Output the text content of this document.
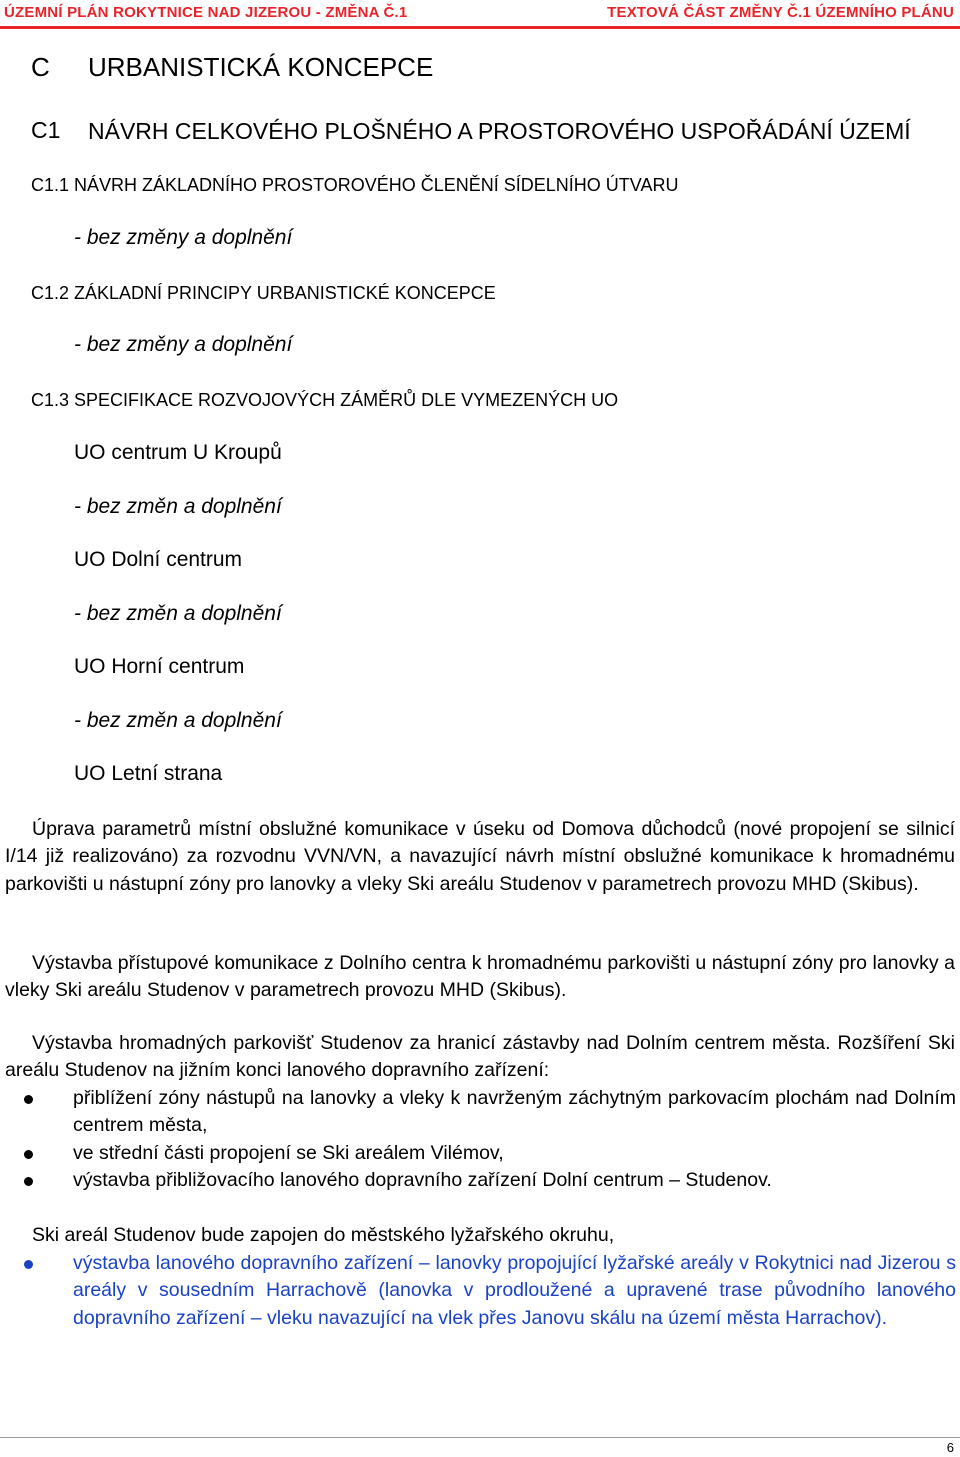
ÚZEMNÍ PLÁN ROKYTNICE NAD JIZEROU - ZMĚNA Č.1	TEXTOVÁ ČÁST ZMĚNY Č.1 ÚZEMNÍHO PLÁNU
C URBANISTICKÁ KONCEPCE
C1 NÁVRH CELKOVÉHO PLOŠNÉHO A PROSTOROVÉHO USPOŘÁDÁNÍ ÚZEMÍ
C1.1 NÁVRH ZÁKLADNÍHO PROSTOROVÉHO ČLENĚNÍ SÍDELNÍHO ÚTVARU
- bez změny a doplnění
C1.2 ZÁKLADNÍ PRINCIPY URBANISTICKÉ KONCEPCE
- bez změny a doplnění
C1.3 SPECIFIKACE ROZVOJOVÝCH ZÁMĚRŮ DLE VYMEZENÝCH UO
UO centrum U Kroupů
- bez změn a doplnění
UO Dolní centrum
- bez změn a doplnění
UO Horní centrum
- bez změn a doplnění
UO Letní strana
Úprava parametrů místní obslužné komunikace v úseku od Domova důchodců (nové propojení se silnicí I/14 již realizováno) za rozvodnu VVN/VN, a navazující návrh místní obslužné komunikace k hromadnému parkovišti u nástupní zóny pro lanovky a vleky Ski areálu Studenov v parametrech provozu MHD (Skibus).
Výstavba přístupové komunikace z Dolního centra k hromadnému parkovišti u nástupní zóny pro lanovky a vleky Ski areálu Studenov v parametrech provozu MHD (Skibus).
Výstavba hromadných parkovišť Studenov za hranicí zástavby nad Dolním centrem města. Rozšíření Ski areálu Studenov na jižním konci lanového dopravního zařízení:
přiblížení zóny nástupů na lanovky a vleky k navrženým záchytným parkovacím plochám nad Dolním centrem města,
ve střední části propojení se Ski areálem Vilémov,
výstavba přibližovacího lanového dopravního zařízení Dolní centrum – Studenov.
Ski areál Studenov bude zapojen do městského lyžařského okruhu,
výstavba lanového dopravního zařízení – lanovky propojující lyžařské areály v Rokytnici nad Jizerou s areály v sousedním Harrachově (lanovka v prodloužené a upravené trase původního lanového dopravního zařízení – vleku navazující na vlek přes Janovu skálu na území města Harrachov).
6
